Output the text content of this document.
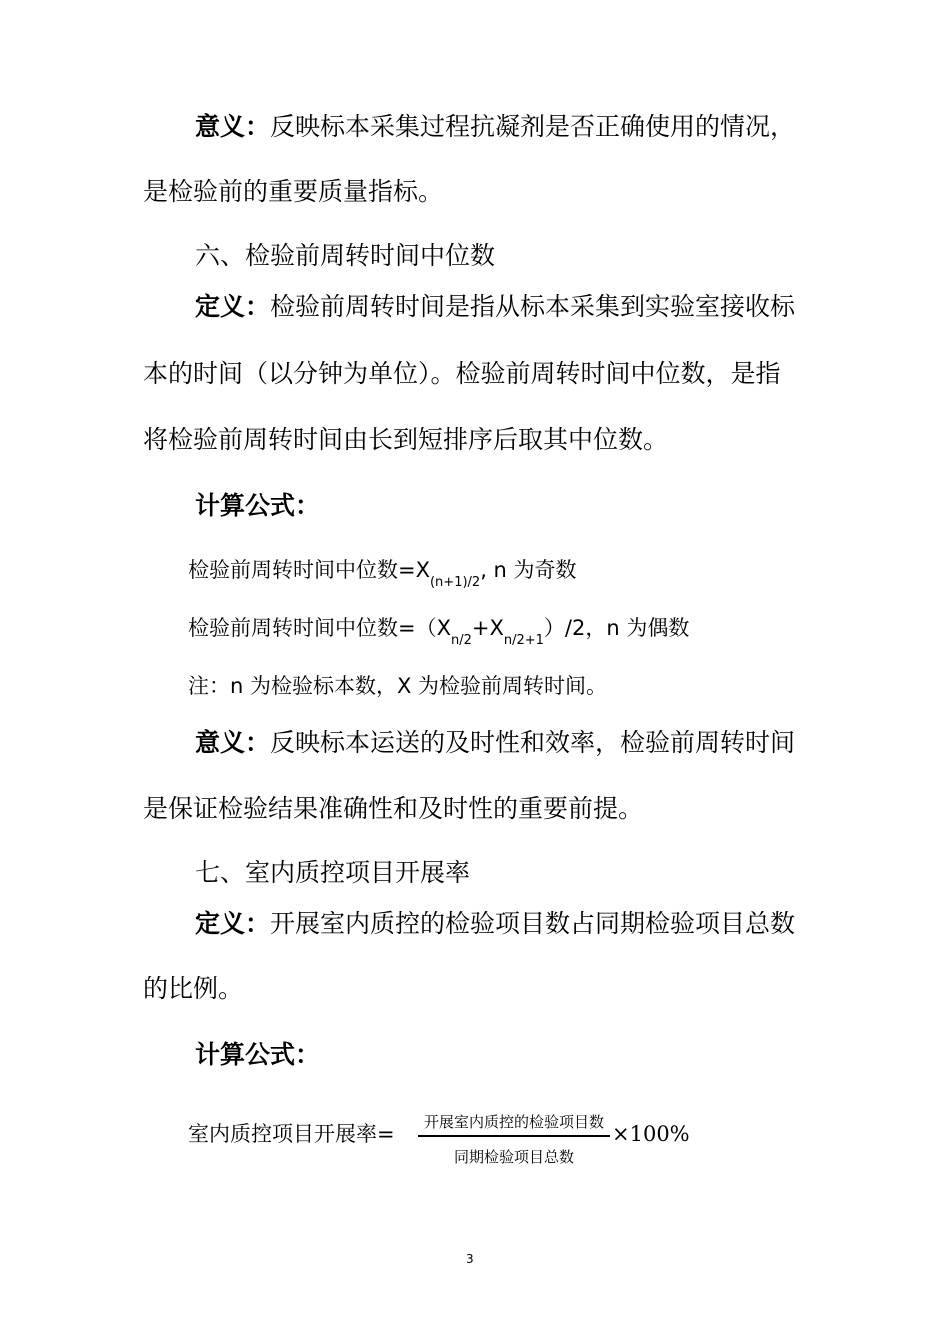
意义：反映标本采集过程抗凝剂是否正确使用的情况，
是检验前的重要质量指标。
六、检验前周转时间中位数
定义：检验前周转时间是指从标本采集到实验室接收标
本的时间（以分钟为单位）。检验前周转时间中位数，是指
将检验前周转时间由长到短排序后取其中位数。
计算公式：
检验前周转时间中位数$=X_{(n+1)/2}$, n 为奇数
检验前周转时间中位数$=(X_{n/2}+X_{n/2+1})/2$，n 为偶数
注：n 为检验标本数，X 为检验前周转时间。
意义：反映标本运送的及时性和效率，检验前周转时间
是保证检验结果准确性和及时性的重要前提。
七、室内质控项目开展率
定义：开展室内质控的检验项目数占同期检验项目总数
的比例。
计算公式：
室内质控项目开展率=	开展室内质控的检验项目数
同期检验项目总数
×100%
3
